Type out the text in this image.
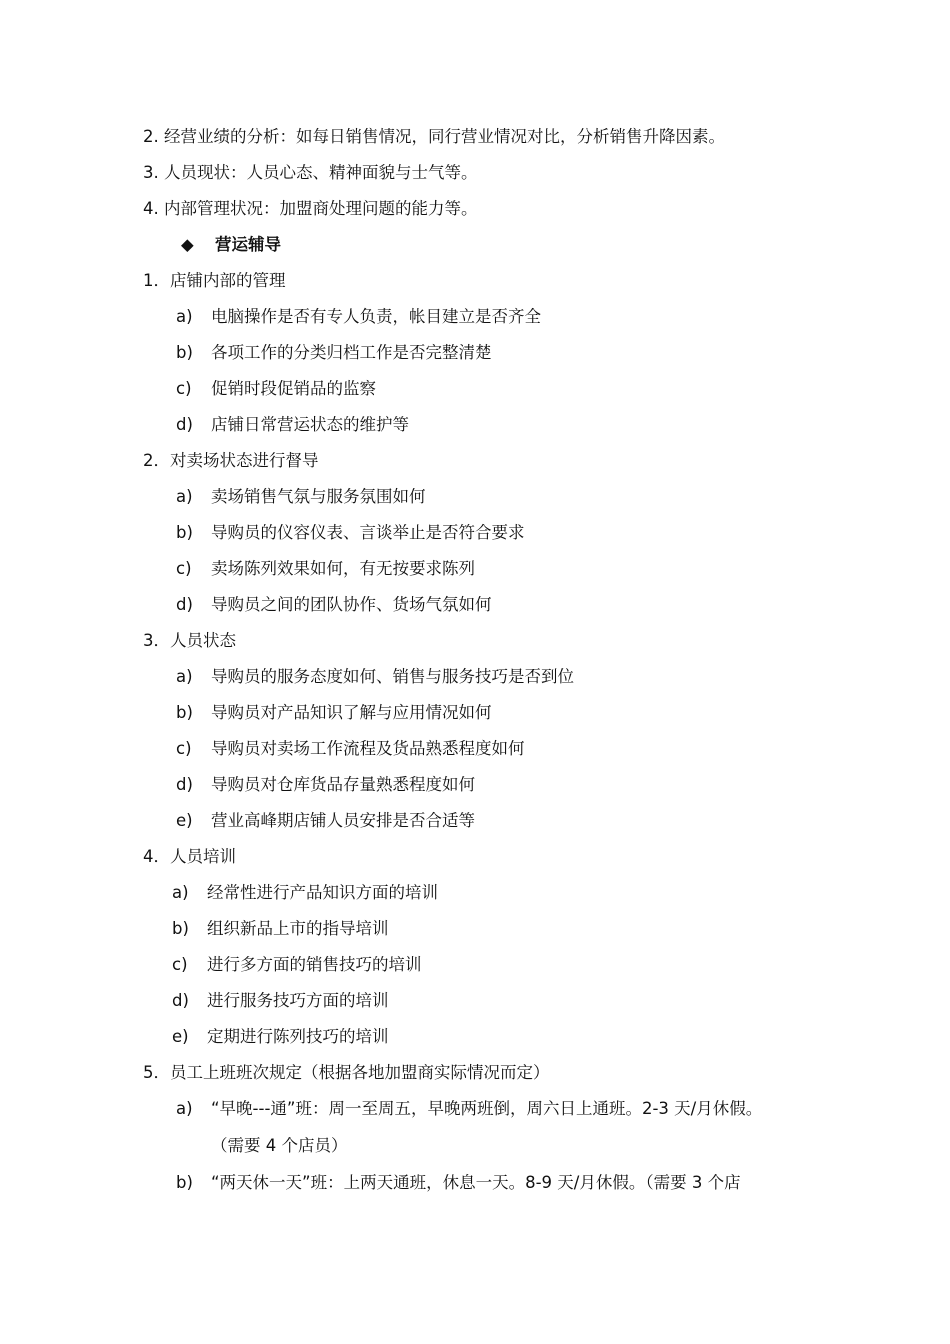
2. 经营业绩的分析：如每日销售情况，同行营业情况对比，分析销售升降因素。
3. 人员现状：人员心态、精神面貌与士气等。
4. 内部管理状况：加盟商处理问题的能力等。
◆ 营运辅导
1．店铺内部的管理
a) 电脑操作是否有专人负责，帐目建立是否齐全
b) 各项工作的分类归档工作是否完整清楚
c) 促销时段促销品的监察
d) 店铺日常营运状态的维护等
2．对卖场状态进行督导
a) 卖场销售气氛与服务氛围如何
b) 导购员的仪容仪表、言谈举止是否符合要求
c) 卖场陈列效果如何，有无按要求陈列
d) 导购员之间的团队协作、货场气氛如何
3．人员状态
a) 导购员的服务态度如何、销售与服务技巧是否到位
b) 导购员对产品知识了解与应用情况如何
c) 导购员对卖场工作流程及货品熟悉程度如何
d) 导购员对仓库货品存量熟悉程度如何
e) 营业高峰期店铺人员安排是否合适等
4．人员培训
a) 经常性进行产品知识方面的培训
b) 组织新品上市的指导培训
c) 进行多方面的销售技巧的培训
d) 进行服务技巧方面的培训
e) 定期进行陈列技巧的培训
5．员工上班班次规定（根据各地加盟商实际情况而定）
a) “早晚---通”班：周一至周五，早晚两班倒，周六日上通班。2-3 天/月休假。
（需要 4 个店员）
b) “两天休一天”班：上两天通班，休息一天。8-9 天/月休假。（需要 3 个店
